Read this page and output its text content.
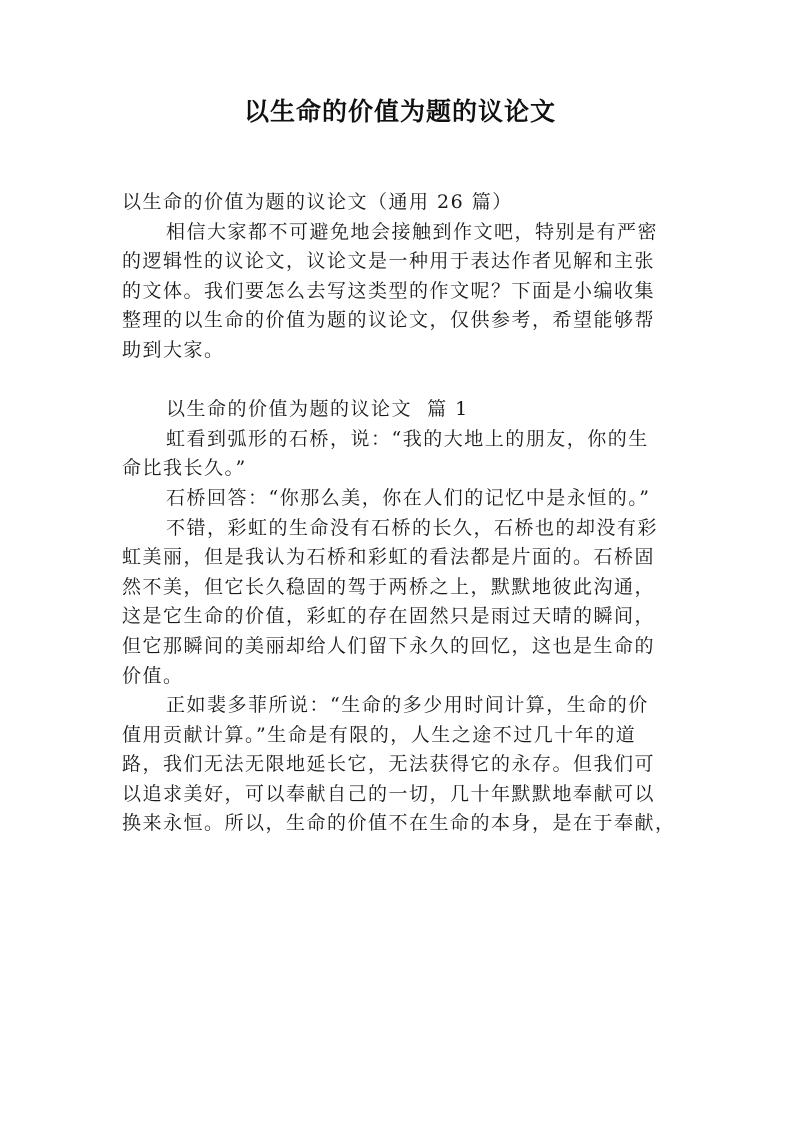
以生命的价值为题的议论文
以生命的价值为题的议论文（通用 26 篇）
相信大家都不可避免地会接触到作文吧，特别是有严密
的逻辑性的议论文，议论文是一种用于表达作者见解和主张
的文体。我们要怎么去写这类型的作文呢？下面是小编收集
整理的以生命的价值为题的议论文，仅供参考，希望能够帮
助到大家。
以生命的价值为题的议论文  篇 1
虹看到弧形的石桥，说：“我的大地上的朋友，你的生
命比我长久。”
石桥回答：“你那么美，你在人们的记忆中是永恒的。”
不错，彩虹的生命没有石桥的长久，石桥也的却没有彩
虹美丽，但是我认为石桥和彩虹的看法都是片面的。石桥固
然不美，但它长久稳固的驾于两桥之上，默默地彼此沟通，
这是它生命的价值，彩虹的存在固然只是雨过天晴的瞬间，
但它那瞬间的美丽却给人们留下永久的回忆，这也是生命的
价值。
正如裴多菲所说：“生命的多少用时间计算，生命的价
值用贡献计算。”生命是有限的，人生之途不过几十年的道
路，我们无法无限地延长它，无法获得它的永存。但我们可
以追求美好，可以奉献自己的一切，几十年默默地奉献可以
换来永恒。所以，生命的价值不在生命的本身，是在于奉献，
